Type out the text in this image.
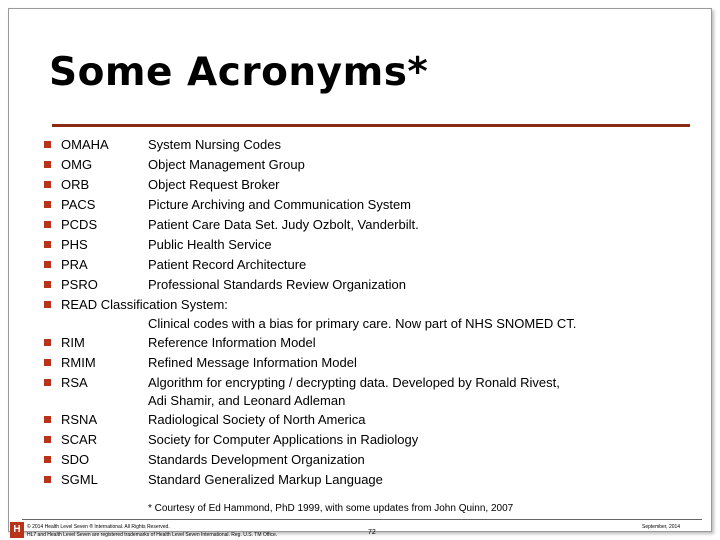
Some Acronyms*
OMAHA	System Nursing Codes
OMG	Object Management Group
ORB	Object Request Broker
PACS	Picture Archiving and Communication System
PCDS	Patient Care Data Set. Judy Ozbolt, Vanderbilt.
PHS	Public Health Service
PRA	Patient Record Architecture
PSRO	Professional Standards Review Organization
READ Classification System:
Clinical codes with a bias for primary care. Now part of NHS SNOMED CT.
RIM	Reference Information Model
RMIM	Refined Message Information Model
RSA	Algorithm for encrypting / decrypting data. Developed by Ronald Rivest,
Adi Shamir, and Leonard Adleman
RSNA	Radiological Society of North America
SCAR	Society for Computer Applications in Radiology
SDO	Standards Development Organization
SGML	Standard Generalized Markup Language
* Courtesy of Ed Hammond, PhD 1999, with some updates from John Quinn, 2007
H	© 2014 Health Level Seven ® International. All Rights Reserved.
HL7 and Health Level Seven are registered trademarks of Health Level Seven International. Reg. U.S. TM Office.	72
September, 2014
